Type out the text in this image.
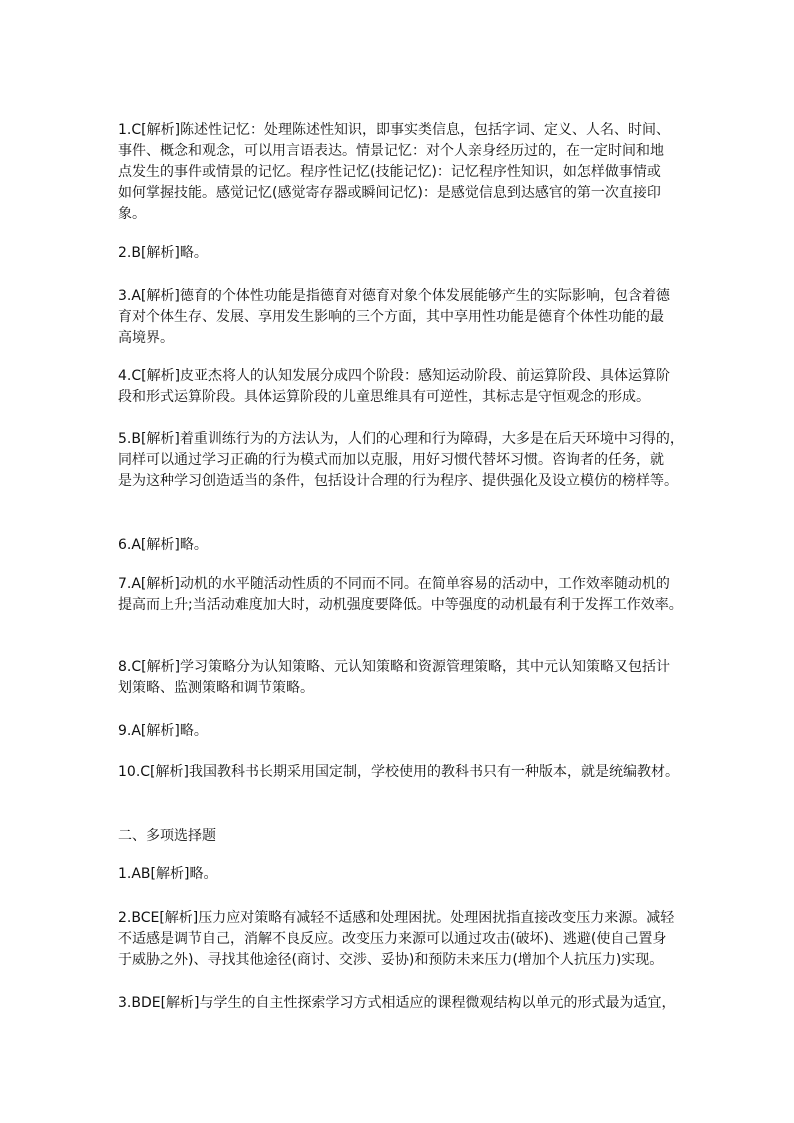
1.C[解析]陈述性记忆：处理陈述性知识，即事实类信息，包括字词、定义、人名、时间、
事件、概念和观念，可以用言语表达。情景记忆：对个人亲身经历过的，在一定时间和地
点发生的事件或情景的记忆。程序性记忆(技能记忆)：记忆程序性知识，如怎样做事情或
如何掌握技能。感觉记忆(感觉寄存器或瞬间记忆)：是感觉信息到达感官的第一次直接印
象。
2.B[解析]略。
3.A[解析]德育的个体性功能是指德育对德育对象个体发展能够产生的实际影响，包含着德
育对个体生存、发展、享用发生影响的三个方面，其中享用性功能是德育个体性功能的最
高境界。
4.C[解析]皮亚杰将人的认知发展分成四个阶段：感知运动阶段、前运算阶段、具体运算阶
段和形式运算阶段。具体运算阶段的儿童思维具有可逆性，其标志是守恒观念的形成。
5.B[解析]着重训练行为的方法认为，人们的心理和行为障碍，大多是在后天环境中习得的，
同样可以通过学习正确的行为模式而加以克服，用好习惯代替坏习惯。咨询者的任务，就
是为这种学习创造适当的条件，包括设计合理的行为程序、提供强化及设立模仿的榜样等。
6.A[解析]略。
7.A[解析]动机的水平随活动性质的不同而不同。在简单容易的活动中，工作效率随动机的
提高而上升;当活动难度加大时，动机强度要降低。中等强度的动机最有利于发挥工作效率。
8.C[解析]学习策略分为认知策略、元认知策略和资源管理策略，其中元认知策略又包括计
划策略、监测策略和调节策略。
9.A[解析]略。
10.C[解析]我国教科书长期采用国定制，学校使用的教科书只有一种版本，就是统编教材。
二、多项选择题
1.AB[解析]略。
2.BCE[解析]压力应对策略有减轻不适感和处理困扰。处理困扰指直接改变压力来源。减轻
不适感是调节自己，消解不良反应。改变压力来源可以通过攻击(破坏)、逃避(使自己置身
于威胁之外)、寻找其他途径(商讨、交涉、妥协)和预防未来压力(增加个人抗压力)实现。
3.BDE[解析]与学生的自主性探索学习方式相适应的课程微观结构以单元的形式最为适宜，
